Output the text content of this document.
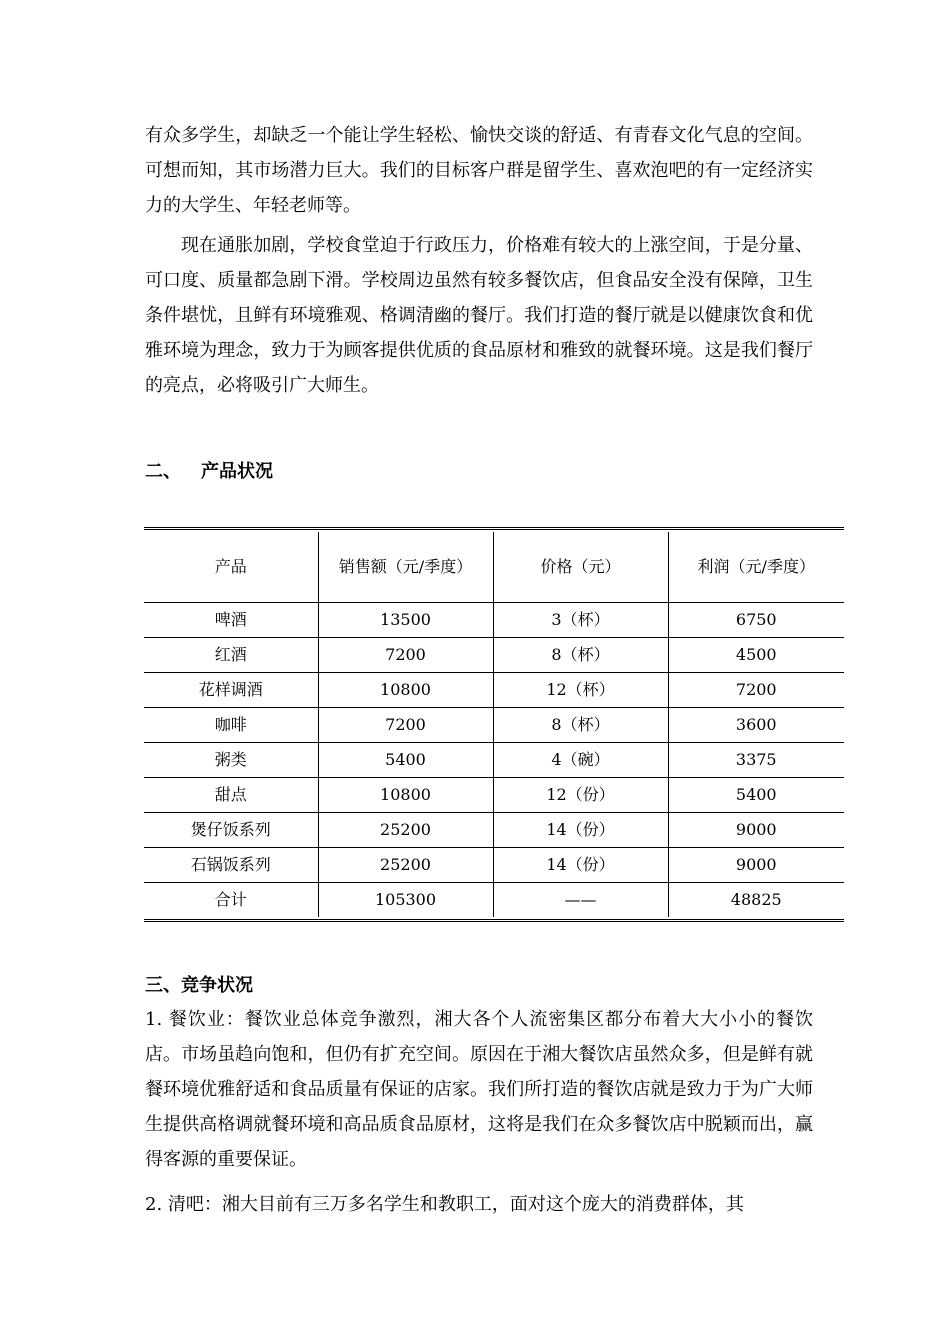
有众多学生，却缺乏一个能让学生轻松、愉快交谈的舒适、有青春文化气息的空间。可想而知，其市场潜力巨大。我们的目标客户群是留学生、喜欢泡吧的有一定经济实力的大学生、年轻老师等。

现在通胀加剧，学校食堂迫于行政压力，价格难有较大的上涨空间，于是分量、可口度、质量都急剧下滑。学校周边虽然有较多餐饮店，但食品安全没有保障，卫生条件堪忧，且鲜有环境雅观、格调清幽的餐厅。我们打造的餐厅就是以健康饮食和优雅环境为理念，致力于为顾客提供优质的食品原材和雅致的就餐环境。这是我们餐厅的亮点，必将吸引广大师生。

二、 产品状况
产品	销售额（元/季度）	价格（元）	利润（元/季度）
啤酒	13500	3（杯）	6750
红酒	7200	8（杯）	4500
花样调酒	10800	12（杯）	7200
咖啡	7200	8（杯）	3600
粥类	5400	4（碗）	3375
甜点	10800	12（份）	5400
煲仔饭系列	25200	14（份）	9000
石锅饭系列	25200	14（份）	9000
合计	105300	——	48825
三、竞争状况

1. 餐饮业：餐饮业总体竞争激烈，湘大各个人流密集区都分布着大大小小的餐饮店。市场虽趋向饱和，但仍有扩充空间。原因在于湘大餐饮店虽然众多，但是鲜有就餐环境优雅舒适和食品质量有保证的店家。我们所打造的餐饮店就是致力于为广大师生提供高格调就餐环境和高品质食品原材，这将是我们在众多餐饮店中脱颖而出，赢得客源的重要保证。

2. 清吧：湘大目前有三万多名学生和教职工，面对这个庞大的消费群体，其
